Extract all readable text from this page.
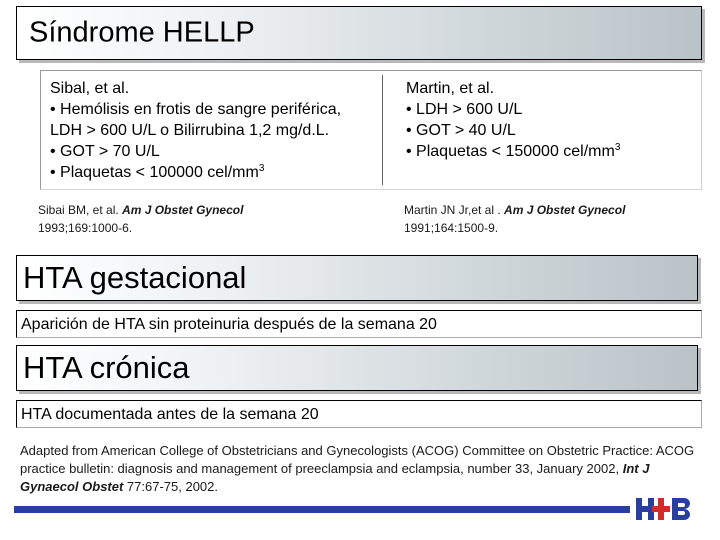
Síndrome HELLP
Sibal, et al.
• Hemólisis en frotis de sangre periférica,
LDH > 600 U/L o Bilirrubina 1,2 mg/d.L.
• GOT > 70 U/L
• Plaquetas < 100000 cel/$mm^3$
Martin, et al.
• LDH > 600 U/L
• GOT > 40 U/L
• Plaquetas < 150000 cel/$mm^3$
Sibai BM, et al. Am J Obstet Gynecol
1993;169:1000-6.
Martin JN Jr,et al . Am J Obstet Gynecol
1991;164:1500-9.
HTA gestacional
Aparición de HTA sin proteinuria después de la semana 20
HTA crónica
HTA documentada antes de la semana 20
Adapted from American College of Obstetricians and Gynecologists (ACOG) Committee on Obstetric Practice: ACOG practice bulletin: diagnosis and management of preeclampsia and eclampsia, number 33, January 2002, Int J Gynaecol Obstet 77:67-75, 2002.
